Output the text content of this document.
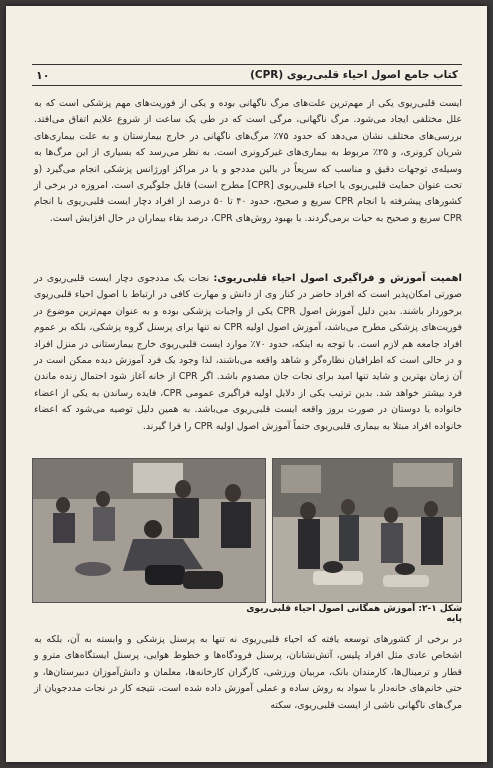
کتاب جامع اصول احیاء قلبی‌ریوی (CPR)
۱۰
ایست قلبی‌ریوی یکی از مهم‌ترین علت‌های مرگ ناگهانی بوده و یکی از فوریت‌های مهم پزشکی است که به علل مختلفی ایجاد می‌شود. مرگ ناگهانی، مرگی است که در طی یک ساعت از شروع علایم اتفاق می‌افتد. بررسی‌های مختلف نشان می‌دهد که حدود ۷۵٪ مرگ‌های ناگهانی در خارج بیمارستان و به علت بیماری‌های شریان کرونری، و ۲۵٪ مربوط به بیماری‌های غیرکرونری است. به نظر می‌رسد که بسیاری از این مرگ‌ها به وسیله‌ی توجهات دقیق و مناسب که سریعاً در بالین مددجو و یا در مراکز اورژانس پزشکی انجام می‌گیرد (و تحت عنوان حمایت قلبی‌ریوی یا احیاء قلبی‌ریوی [CPR] مطرح است) قابل جلوگیری است. امروزه در برخی از کشورهای پیشرفته با انجام CPR سریع و صحیح، حدود ۴۰ تا ۵۰ درصد از افراد دچار ایست قلبی‌ریوی با انجام CPR سریع و صحیح به حیات برمی‌گردند. با بهبود روش‌های CPR، درصد بقاء بیماران در حال افزایش است.
اهمیت آموزش و فراگیری اصول احیاء قلبی‌ریوی: نجات یک مددجوی دچار ایست قلبی‌ریوی در صورتی امکان‌پذیر است که افراد حاضر در کنار وی از دانش و مهارت کافی در ارتباط با اصول احیاء قلبی‌ریوی برخوردار باشند. بدین دلیل آموزش اصول CPR یکی از واجبات پزشکی بوده و به عنوان مهم‌ترین موضوع در فوریت‌های پزشکی مطرح می‌باشد، آموزش اصول اولیه CPR نه تنها برای پرسنل گروه پزشکی، بلکه بر عموم افراد جامعه هم لازم است. با توجه به اینکه، حدود ۷۰٪ موارد ایست قلبی‌ریوی خارج بیمارستانی در منزل افراد و در حالی است که اطرافیان نظاره‌گر و شاهد واقعه می‌باشند، لذا وجود یک فرد آموزش دیده ممکن است در آن زمان بهترین و شاید تنها امید برای نجات جان مصدوم باشد. اگر CPR از خانه آغاز شود احتمال زنده ماندن فرد بیشتر خواهد شد. بدین ترتیب یکی از دلایل اولیه فراگیری عمومی CPR، فایده رساندن به یکی از اعضاء خانواده یا دوستان در صورت بروز واقعه ایست قلبی‌ریوی می‌باشد. به همین دلیل توصیه می‌شود که اعضاء خانواده افراد مبتلا به بیماری قلبی‌ریوی حتماً آموزش اصول اولیه CPR را فرا گیرند.
شکل ۱-۲: آموزش همگانی اصول احیاء قلبی‌ریوی پایه
در برخی از کشورهای توسعه یافته که احیاء قلبی‌ریوی نه تنها به پرسنل پزشکی و وابسته به آن، بلکه به اشخاص عادی مثل افراد پلیس، آتش‌نشانان، پرسنل فرودگاه‌ها و خطوط هوایی، پرسنل ایستگاه‌های مترو و قطار و ترمینال‌ها، کارمندان بانک، مربیان ورزشی، کارگران کارخانه‌ها، معلمان و دانش‌آموزان دبیرستان‌ها، و حتی خانم‌های خانه‌دار با سواد به روش ساده و عملی آموزش داده شده است، نتیجه کار در نجات مددجویان از مرگ‌های ناگهانی ناشی از ایست قلبی‌ریوی، سکته
